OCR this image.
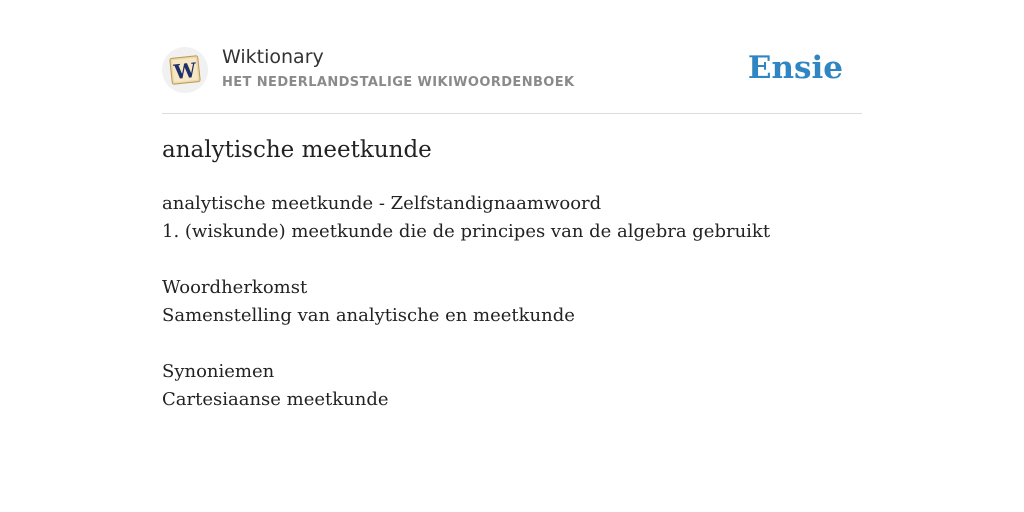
W
Wiktionary
HET NEDERLANDSTALIGE WIKIWOORDENBOEK	Ensie
analytische meetkunde
analytische meetkunde - Zelfstandignaamwoord
1. (wiskunde) meetkunde die de principes van de algebra gebruikt
Woordherkomst
Samenstelling van analytische en meetkunde
Synoniemen
Cartesiaanse meetkunde
